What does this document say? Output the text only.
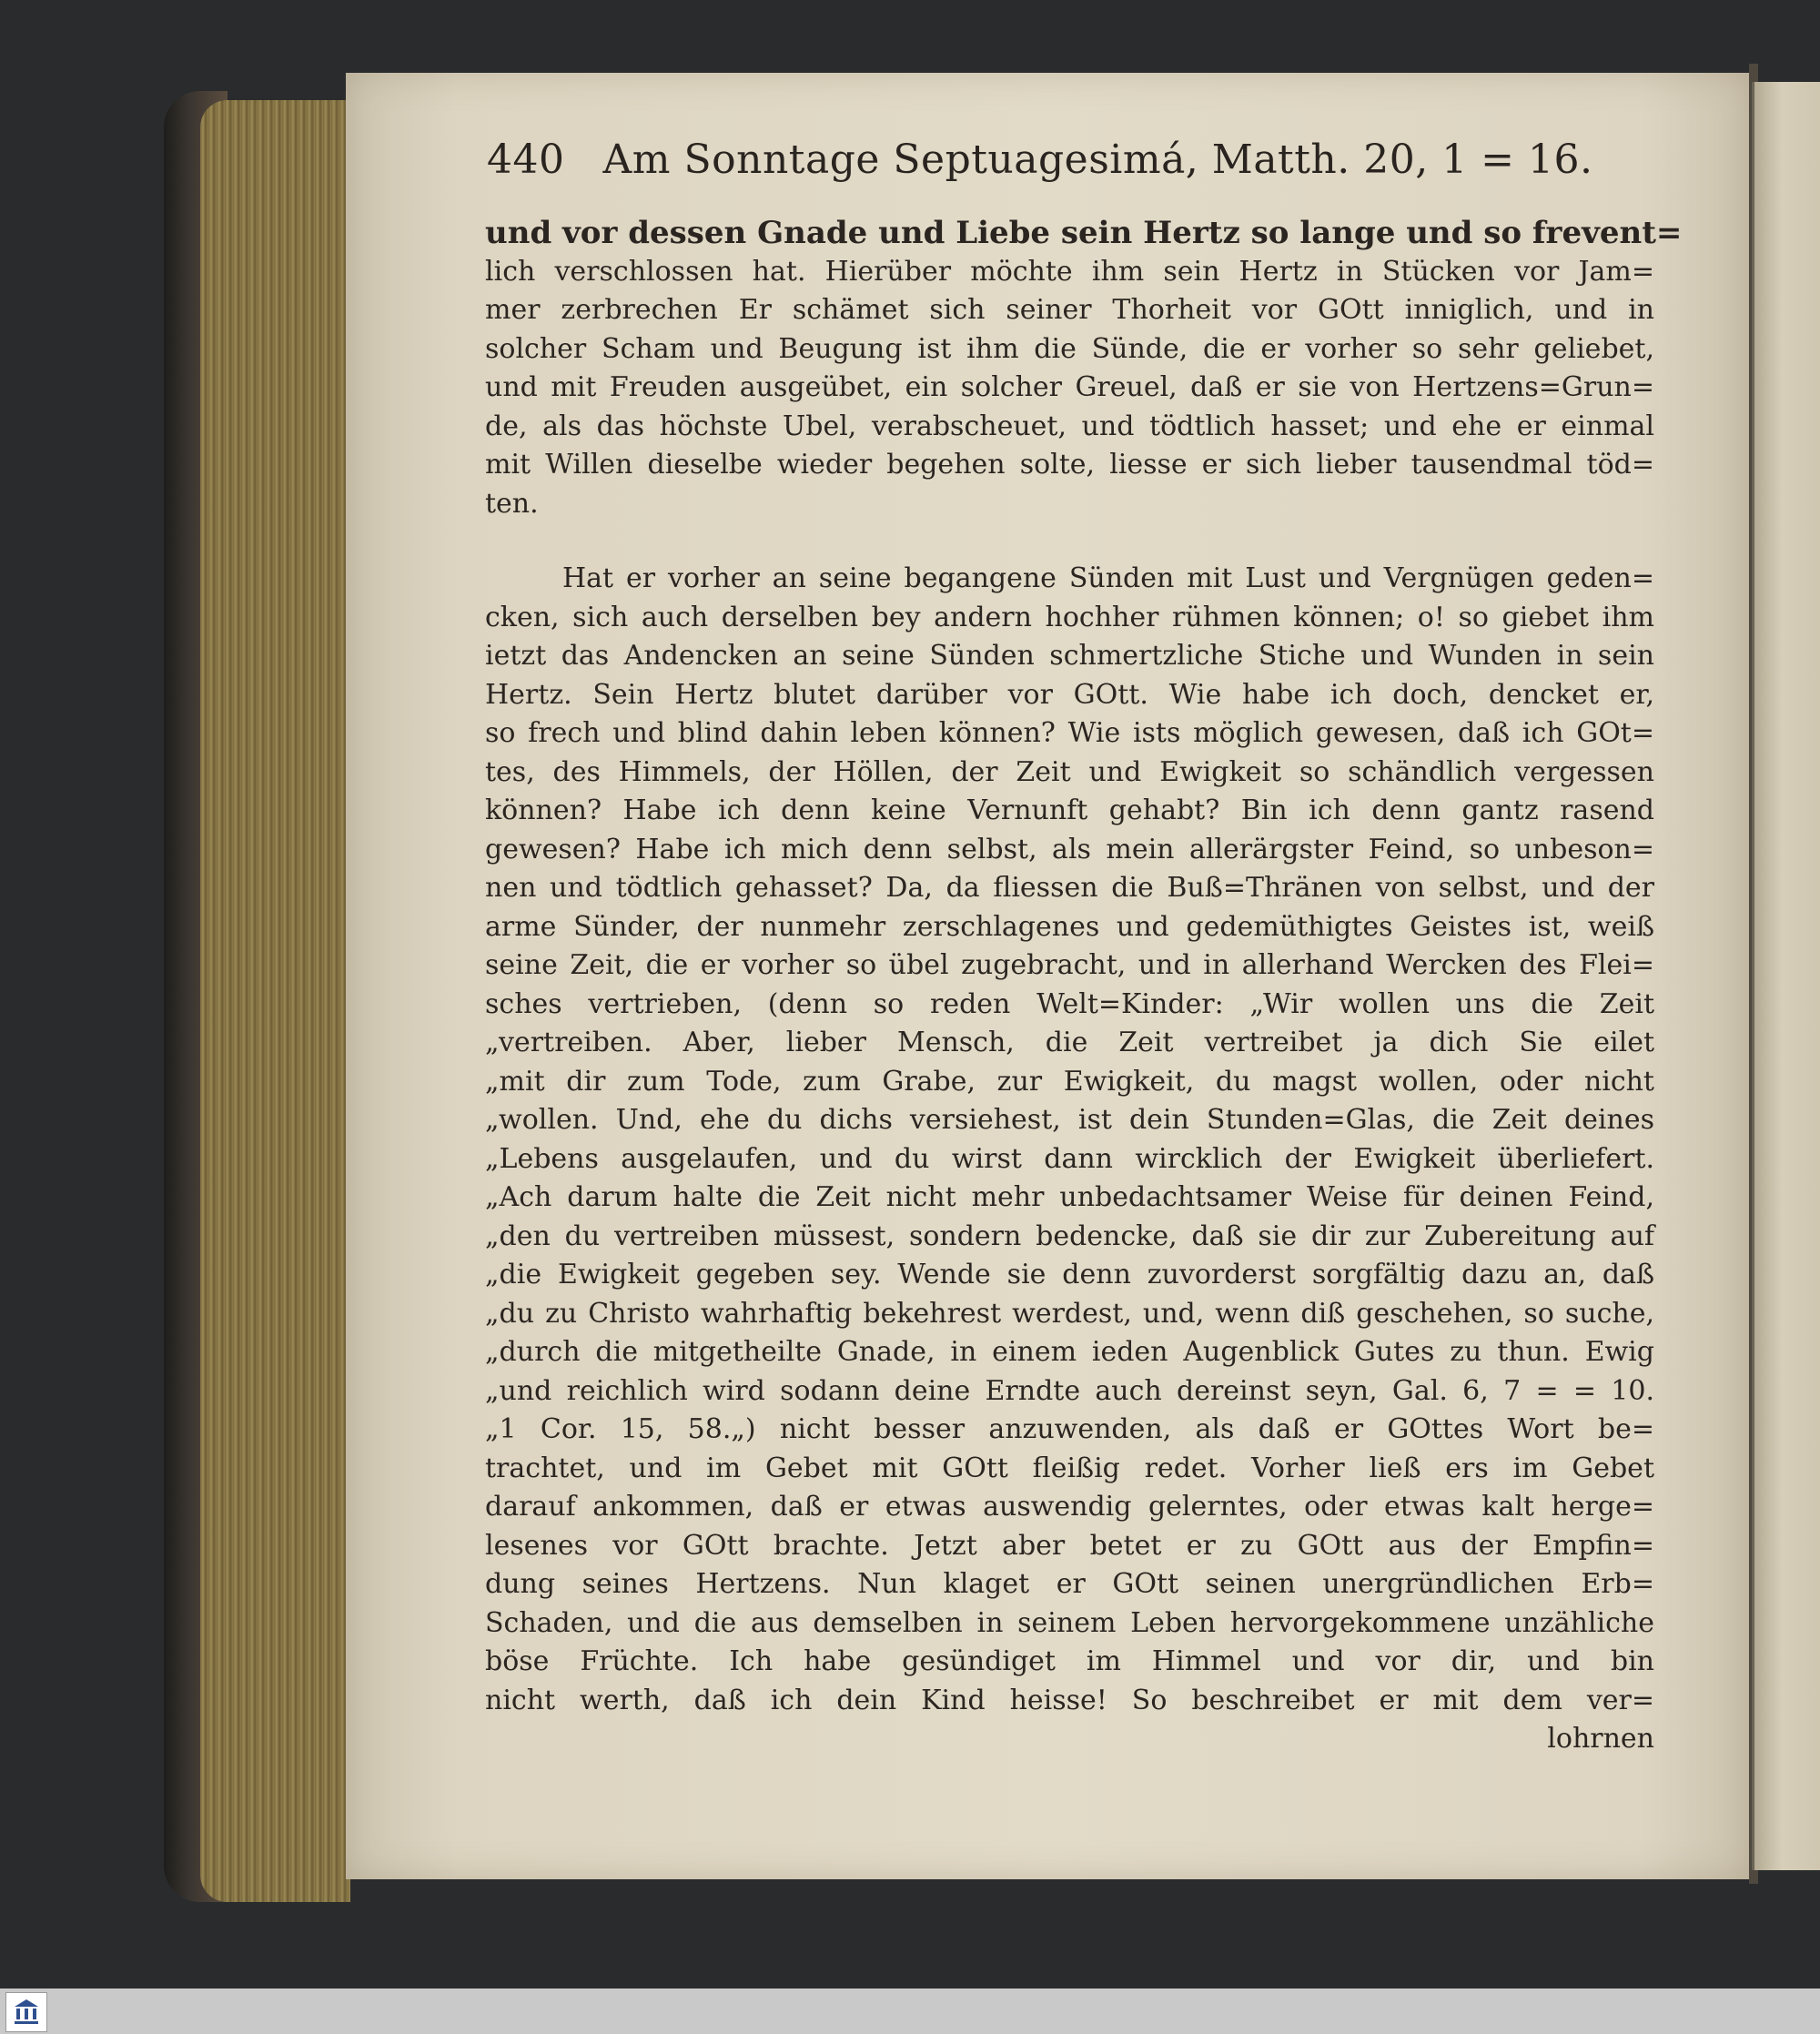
440 Am Sonntage Septuagesimá, Matth. 20, 1 = 16.
und vor dessen Gnade und Liebe sein Hertz so lange und so frevent=
lich verschlossen hat. Hierüber möchte ihm sein Hertz in Stücken vor Jam=
mer zerbrechen Er schämet sich seiner Thorheit vor GOtt inniglich, und in
solcher Scham und Beugung ist ihm die Sünde, die er vorher so sehr geliebet,
und mit Freuden ausgeübet, ein solcher Greuel, daß er sie von Hertzens=Grun=
de, als das höchste Ubel, verabscheuet, und tödtlich hasset; und ehe er einmal
mit Willen dieselbe wieder begehen solte, liesse er sich lieber tausendmal töd=
ten.
Hat er vorher an seine begangene Sünden mit Lust und Vergnügen geden=
cken, sich auch derselben bey andern hochher rühmen können; o! so giebet ihm
ietzt das Andencken an seine Sünden schmertzliche Stiche und Wunden in sein
Hertz. Sein Hertz blutet darüber vor GOtt. Wie habe ich doch, dencket er,
so frech und blind dahin leben können? Wie ists möglich gewesen, daß ich GOt=
tes, des Himmels, der Höllen, der Zeit und Ewigkeit so schändlich vergessen
können? Habe ich denn keine Vernunft gehabt? Bin ich denn gantz rasend
gewesen? Habe ich mich denn selbst, als mein allerärgster Feind, so unbeson=
nen und tödtlich gehasset? Da, da fliessen die Buß=Thränen von selbst, und der
arme Sünder, der nunmehr zerschlagenes und gedemüthigtes Geistes ist, weiß
seine Zeit, die er vorher so übel zugebracht, und in allerhand Wercken des Flei=
sches vertrieben, (denn so reden Welt=Kinder: „Wir wollen uns die Zeit
„vertreiben. Aber, lieber Mensch, die Zeit vertreibet ja dich Sie eilet
„mit dir zum Tode, zum Grabe, zur Ewigkeit, du magst wollen, oder nicht
„wollen. Und, ehe du dichs versiehest, ist dein Stunden=Glas, die Zeit deines
„Lebens ausgelaufen, und du wirst dann wircklich der Ewigkeit überliefert.
„Ach darum halte die Zeit nicht mehr unbedachtsamer Weise für deinen Feind,
„den du vertreiben müssest, sondern bedencke, daß sie dir zur Zubereitung auf
„die Ewigkeit gegeben sey. Wende sie denn zuvorderst sorgfältig dazu an, daß
„du zu Christo wahrhaftig bekehrest werdest, und, wenn diß geschehen, so suche,
„durch die mitgetheilte Gnade, in einem ieden Augenblick Gutes zu thun. Ewig
„und reichlich wird sodann deine Erndte auch dereinst seyn, Gal. 6, 7 = = 10.
„1 Cor. 15, 58.„) nicht besser anzuwenden, als daß er GOttes Wort be=
trachtet, und im Gebet mit GOtt fleißig redet. Vorher ließ ers im Gebet
darauf ankommen, daß er etwas auswendig gelerntes, oder etwas kalt herge=
lesenes vor GOtt brachte. Jetzt aber betet er zu GOtt aus der Empfin=
dung seines Hertzens. Nun klaget er GOtt seinen unergründlichen Erb=
Schaden, und die aus demselben in seinem Leben hervorgekommene unzähliche
böse Früchte. Ich habe gesündiget im Himmel und vor dir, und bin
nicht werth, daß ich dein Kind heisse! So beschreibet er mit dem ver=
lohrnen
